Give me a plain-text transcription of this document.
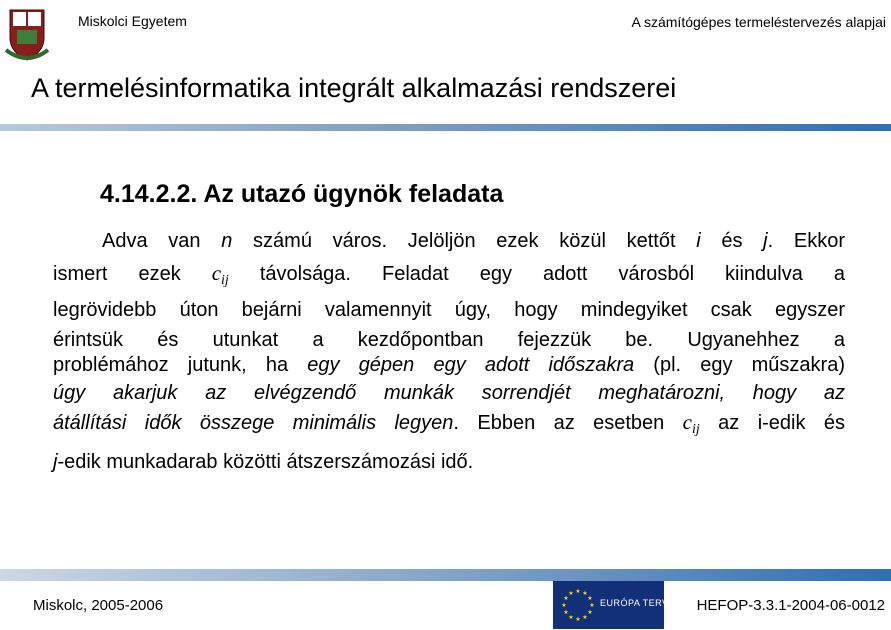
Miskolci Egyetem	A számítógépes termeléstervezés alapjai
A termelésinformatika integrált alkalmazási rendszerei
4.14.2.2. Az utazó ügynök feladata
Adva van n számú város. Jelöljön ezek közül kettőt i és j. Ekkor
ismert ezek $c_{ij}$ távolsága. Feladat egy adott városból kiindulva a
legrövidebb úton bejárni valamennyit úgy, hogy mindegyiket csak egyszer
érintsük és utunkat a kezdőpontban fejezzük be. Ugyanehhez a
problémához jutunk, ha egy gépen egy adott időszakra (pl. egy műszakra)
úgy akarjuk az elvégzendő munkák sorrendjét meghatározni, hogy az
átállítási idők összege minimális legyen. Ebben az esetben $c_{ij}$ az i-edik és
j-edik munkadarab közötti átszerszámozási idő.
Miskolc, 2005-2006
★ ★
★
★
★
★
★
★
★
★
★
★
EURÓPA TERV HEFOP-3.3.1-2004-06-0012
